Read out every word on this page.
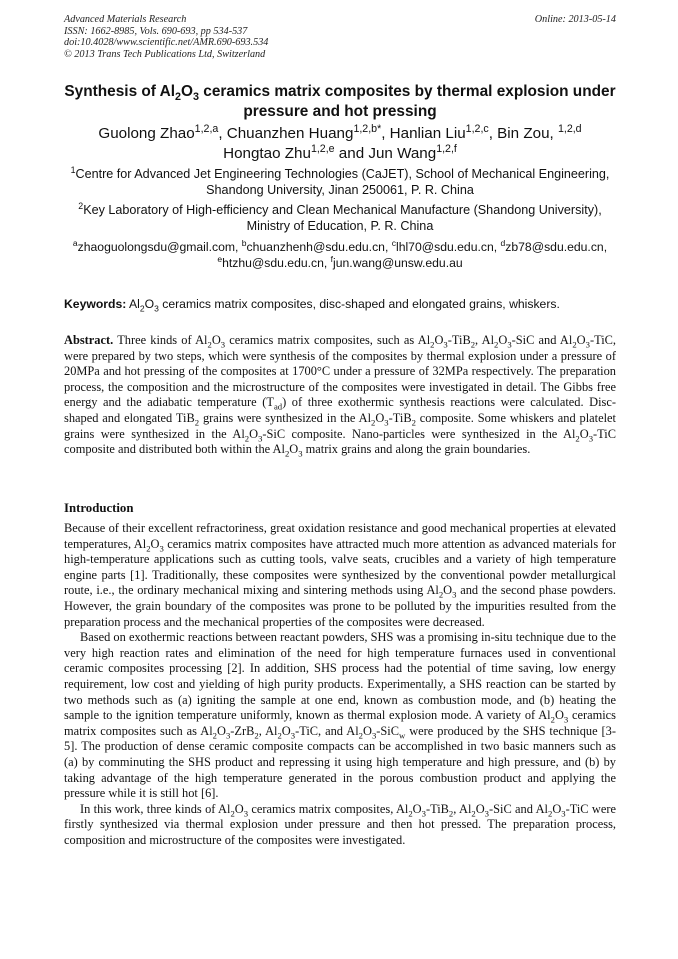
Advanced Materials Research
ISSN: 1662-8985, Vols. 690-693, pp 534-537
doi:10.4028/www.scientific.net/AMR.690-693.534
© 2013 Trans Tech Publications Ltd, Switzerland
Online: 2013-05-14
Synthesis of $Al_2O_3$ ceramics matrix composites by thermal explosion under pressure and hot pressing
Guolong Zhao$^{1,2,a}$, Chuanzhen Huang$^{1,2,b*}$, Hanlian Liu$^{1,2,c}$, Bin Zou, $^{1,2,d}$
Hongtao Zhu$^{1,2,e}$ and Jun Wang$^{1,2,f}$
$^1$Centre for Advanced Jet Engineering Technologies (CaJET), School of Mechanical Engineering,
Shandong University, Jinan 250061, P. R. China
$^2$Key Laboratory of High-efficiency and Clean Mechanical Manufacture (Shandong University),
Ministry of Education, P. R. China
$^a$zhaoguolongsdu@gmail.com, $^b$chuanzhenh@sdu.edu.cn, $^c$lhl70@sdu.edu.cn, $^d$zb78@sdu.edu.cn,
$^e$htzhu@sdu.edu.cn, $^f$jun.wang@unsw.edu.au
Keywords: $Al_2O_3$ ceramics matrix composites, disc-shaped and elongated grains, whiskers.
Abstract. Three kinds of $Al_2O_3$ ceramics matrix composites, such as $Al_2O_3-TiB_2$, $Al_2O_3$-SiC and $Al_2O_3$-TiC, were prepared by two steps, which were synthesis of the composites by thermal explosion under a pressure of 20MPa and hot pressing of the composites at 1700°C under a pressure of 32MPa respectively. The preparation process, the composition and the microstructure of the composites were investigated in detail. The Gibbs free energy and the adiabatic temperature $(T_{ad})$ of three exothermic synthesis reactions were calculated. Disc-shaped and elongated TiB$_2$ grains were synthesized in the $Al_2O_3-TiB_2$ composite. Some whiskers and platelet grains were synthesized in the $Al_2O_3$-SiC composite. Nano-particles were synthesized in the $Al_2O_3$-TiC composite and distributed both within the $Al_2O_3$ matrix grains and along the grain boundaries.
Introduction

Because of their excellent refractoriness, great oxidation resistance and good mechanical properties at elevated temperatures, $Al_2O_3$ ceramics matrix composites have attracted much more attention as advanced materials for high-temperature applications such as cutting tools, valve seats, crucibles and a variety of high temperature engine parts [1]. Traditionally, these composites were synthesized by the conventional powder metallurgical route, i.e., the ordinary mechanical mixing and sintering methods using $Al_2O_3$ and the second phase powders. However, the grain boundary of the composites was prone to be polluted by the impurities resulted from the preparation process and the mechanical properties of the composites were decreased.

Based on exothermic reactions between reactant powders, SHS was a promising in-situ technique due to the very high reaction rates and elimination of the need for high temperature furnaces used in conventional ceramic composites processing [2]. In addition, SHS process had the potential of time saving, low energy requirement, low cost and yielding of high purity products. Experimentally, a SHS reaction can be started by two methods such as (a) igniting the sample at one end, known as combustion mode, and (b) heating the sample to the ignition temperature uniformly, known as thermal explosion mode. A variety of $Al_2O_3$ ceramics matrix composites such as $Al_2O_3-ZrB_2$, $Al_2O_3$-TiC, and $Al_2O_3-SiC_w$ were produced by the SHS technique [3-5]. The production of dense ceramic composite compacts can be accomplished in two basic manners such as (a) by comminuting the SHS product and repressing it using high temperature and high pressure, and (b) by taking advantage of the high temperature generated in the porous combustion product and applying the pressure while it is still hot [6].

In this work, three kinds of $Al_2O_3$ ceramics matrix composites, $Al_2O_3-TiB_2$, $Al_2O_3$-SiC and $Al_2O_3$-TiC were firstly synthesized via thermal explosion under pressure and then hot pressed. The preparation process, composition and microstructure of the composites were investigated.
